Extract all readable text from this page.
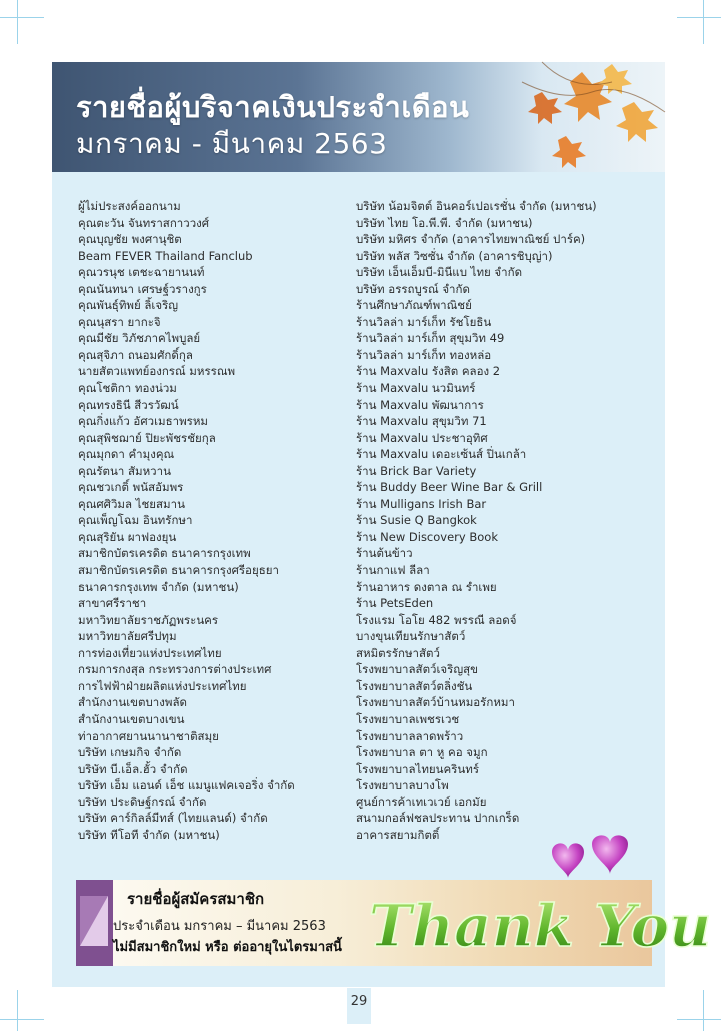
รายชื่อผู้บริจาคเงินประจำเดือน
มกราคม - มีนาคม 2563
ผู้ไม่ประสงค์ออกนาม
คุณตะวัน จันทราสกาววงศ์
คุณบุญชัย พงศานุชิต
Beam FEVER Thailand Fanclub
คุณวรนุช เตชะฉายานนท์
คุณนันทนา เศรษฐ์วรางกูร
คุณพันธุ์ทิพย์ ลิ้เจริญ
คุณนุสรา ยากะจิ
คุณมีชัย วิภัชภาคไพบูลย์
คุณสุจิภา ถนอมศักดิ์กุล
นายสัตวแพทย์องกรณ์ มหรรณพ
คุณโชติกา ทองน่วม
คุณทรงธินี สีวรวัฒน์
คุณกิ่งแก้ว อัศวเมธาพรหม
คุณสุพิชฌาย์ ปิยะพัชรชัยกุล
คุณมุกดา คำมุงคุณ
คุณรัตนา สัมหวาน
คุณชวเกติ์ พนัสอัมพร
คุณศศิวิมล ไชยสมาน
คุณเพ็ญโฉม อินทรักษา
คุณสุริยัน ผาฟองยุน
สมาชิกบัตรเครดิต ธนาคารกรุงเทพ
สมาชิกบัตรเครดิต ธนาคารกรุงศรีอยุธยา
ธนาคารกรุงเทพ จำกัด (มหาชน)
สาขาศรีราชา
มหาวิทยาลัยราชภัฏพระนคร
มหาวิทยาลัยศรีปทุม
การท่องเที่ยวแห่งประเทศไทย
กรมการกงสุล กระทรวงการต่างประเทศ
การไฟฟ้าฝ่ายผลิตแห่งประเทศไทย
สำนักงานเขตบางพลัด
สำนักงานเขตบางเขน
ท่าอากาศยานนานาชาติสมุย
บริษัท เกษมกิจ จำกัด
บริษัท บี.เอ็ล.ฮั้ว จำกัด
บริษัท เอ็ม แอนด์ เอ็ช แมนูแฟคเจอริ่ง จำกัด
บริษัท ประดิษฐ์กรณ์ จำกัด
บริษัท คาร์กิลล์มีทส์ (ไทยแลนด์) จำกัด
บริษัท ทีโอที จำกัด (มหาชน)
บริษัท น้อมจิตต์ อินคอร์เปอเรชั่น จำกัด (มหาชน)
บริษัท ไทย โอ.พี.พี. จำกัด (มหาชน)
บริษัท มหิศร จำกัด (อาคารไทยพาณิชย์ ปาร์ค)
บริษัท พลัส วิซซั่น จำกัด (อาคารชิบุญ่า)
บริษัท เอ็นเอ็มบี-มินีแบ ไทย จำกัด
บริษัท อรรถบูรณ์ จำกัด
ร้านศึกษาภัณฑ์พาณิชย์
ร้านวิลล่า มาร์เก็ท รัชโยธิน
ร้านวิลล่า มาร์เก็ท สุขุมวิท 49
ร้านวิลล่า มาร์เก็ท ทองหล่อ
ร้าน Maxvalu รังสิต คลอง 2
ร้าน Maxvalu นวมินทร์
ร้าน Maxvalu พัฒนาการ
ร้าน Maxvalu สุขุมวิท 71
ร้าน Maxvalu ประชาอุทิศ
ร้าน Maxvalu เดอะเซ้นส์ ปิ่นเกล้า
ร้าน Brick Bar Variety
ร้าน Buddy Beer Wine Bar & Grill
ร้าน Mulligans Irish Bar
ร้าน Susie Q Bangkok
ร้าน New Discovery Book
ร้านต้นข้าว
ร้านกาแฟ ลีลา
ร้านอาหาร ดงตาล ณ รำเพย
ร้าน PetsEden
โรงแรม โอโย 482 พรรณี ลอดจ์
บางขุนเทียนรักษาสัตว์
สหมิตรรักษาสัตว์
โรงพยาบาลสัตว์เจริญสุข
โรงพยาบาลสัตว์ตลิ่งชัน
โรงพยาบาลสัตว์บ้านหมอรักหมา
โรงพยาบาลเพชรเวช
โรงพยาบาลลาดพร้าว
โรงพยาบาล ตา หู คอ จมูก
โรงพยาบาลไทยนครินทร์
โรงพยาบาลบางโพ
ศูนย์การค้าเทเวเวย์ เอกมัย
สนามกอล์ฟชลประทาน ปากเกร็ด
อาคารสยามกิตติ์
รายชื่อผู้สมัครสมาชิก
ประจำเดือน มกราคม – มีนาคม 2563
ไม่มีสมาชิกใหม่ หรือ ต่ออายุในไตรมาสนี้ Thank You
29
